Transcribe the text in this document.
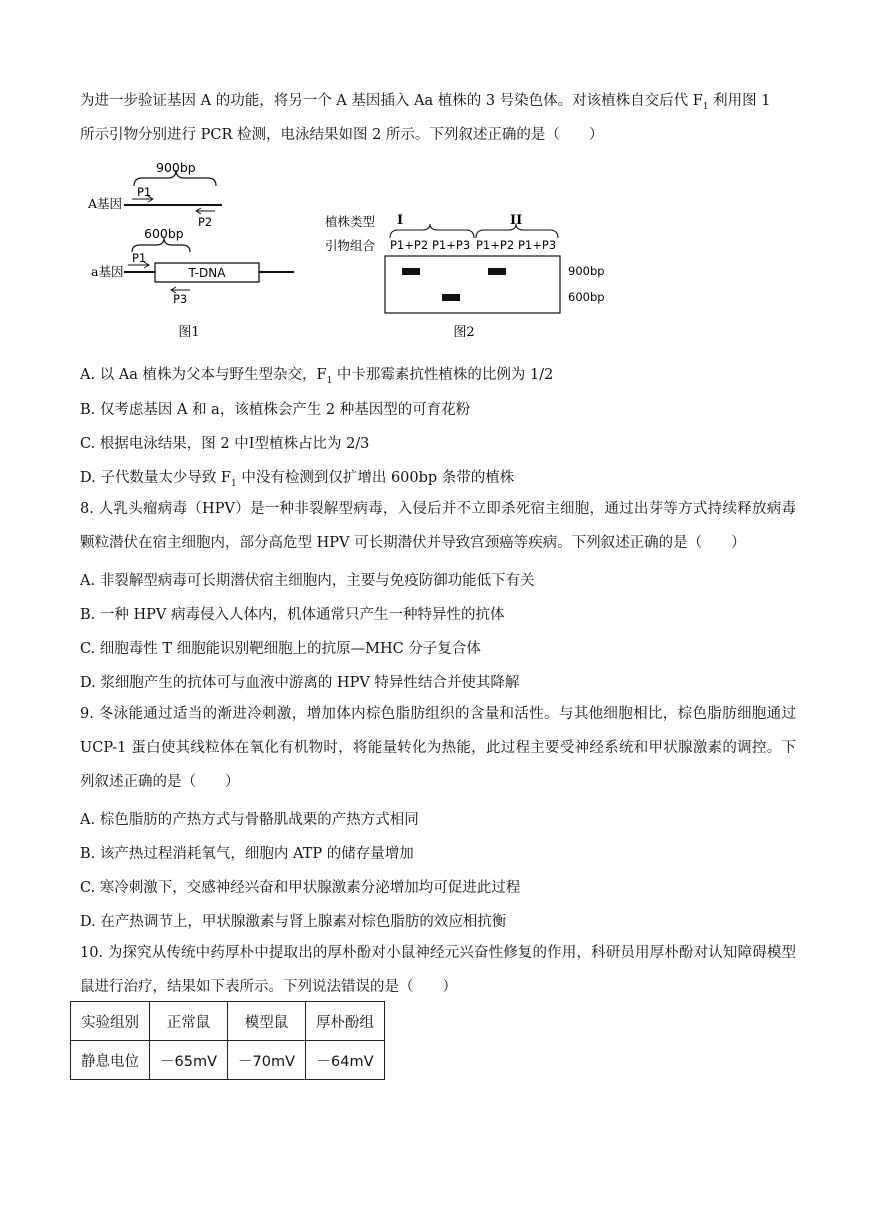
为进一步验证基因 A 的功能，将另一个 A 基因插入 Aa 植株的 3 号染色体。对该植株自交后代 $F_1$ 利用图 1
所示引物分别进行 PCR 检测，电泳结果如图 2 所示。下列叙述正确的是（　　）
900bp
P1
A基因
P2
600bp
P1
a基因	T-DNA
P3
图1
植株类型 I	II
引物组合 P1+P2 P1+P3 P1+P2 P1+P3
900bp
600bp
图2
A. 以 Aa 植株为父本与野生型杂交，$F_1$ 中卡那霉素抗性植株的比例为 1/2
B. 仅考虑基因 A 和 a，该植株会产生 2 种基因型的可育花粉
C. 根据电泳结果，图 2 中Ⅰ型植株占比为 2/3
D. 子代数量太少导致 $F_1$ 中没有检测到仅扩增出 600bp 条带的植株
8. 人乳头瘤病毒（HPV）是一种非裂解型病毒，入侵后并不立即杀死宿主细胞，通过出芽等方式持续释放病毒颗粒潜伏在宿主细胞内，部分高危型 HPV 可长期潜伏并导致宫颈癌等疾病。下列叙述正确的是（　　）
A. 非裂解型病毒可长期潜伏宿主细胞内，主要与免疫防御功能低下有关
B. 一种 HPV 病毒侵入人体内，机体通常只产生一种特异性的抗体
C. 细胞毒性 T 细胞能识别靶细胞上的抗原—MHC 分子复合体
D. 浆细胞产生的抗体可与血液中游离的 HPV 特异性结合并使其降解
9. 冬泳能通过适当的渐进冷刺激，增加体内棕色脂肪组织的含量和活性。与其他细胞相比，棕色脂肪细胞通过 UCP-1 蛋白使其线粒体在氧化有机物时，将能量转化为热能，此过程主要受神经系统和甲状腺激素的调控。下列叙述正确的是（　　）
A. 棕色脂肪的产热方式与骨骼肌战栗的产热方式相同
B. 该产热过程消耗氧气，细胞内 ATP 的储存量增加
C. 寒冷刺激下，交感神经兴奋和甲状腺激素分泌增加均可促进此过程
D. 在产热调节上，甲状腺激素与肾上腺素对棕色脂肪的效应相抗衡
10. 为探究从传统中药厚朴中提取出的厚朴酚对小鼠神经元兴奋性修复的作用，科研员用厚朴酚对认知障碍模型鼠进行治疗，结果如下表所示。下列说法错误的是（　　）
实验组别	正常鼠	模型鼠	厚朴酚组
静息电位	－65mV	－70mV	－64mV
